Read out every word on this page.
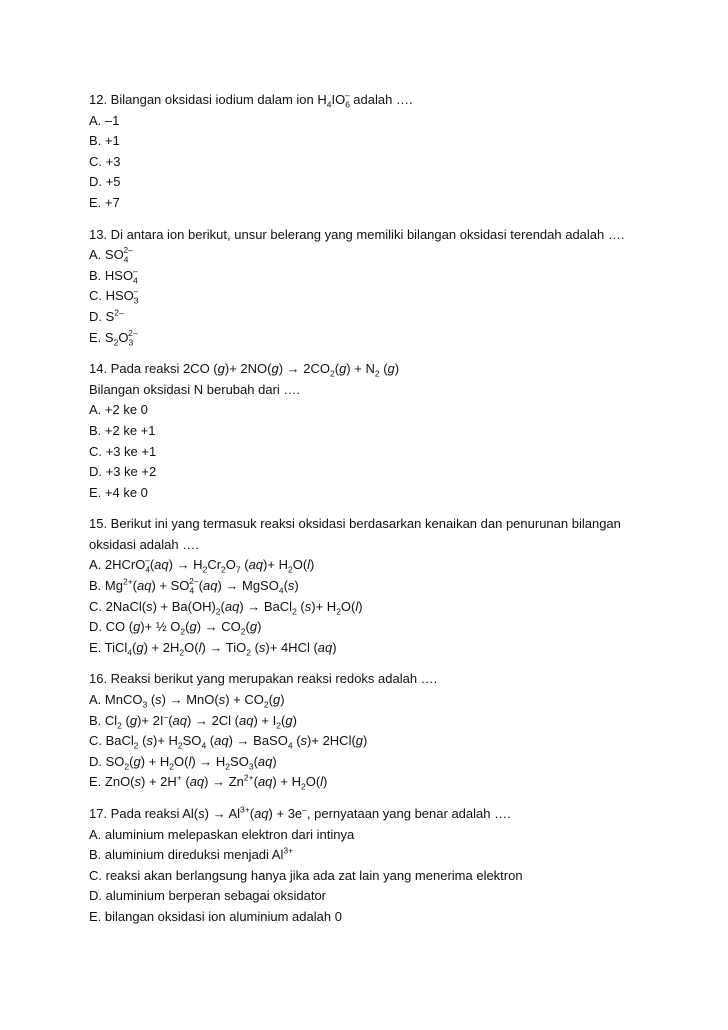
12. Bilangan oksidasi iodium dalam ion $H_4IO_6^-$ adalah ….
A. –1
B. +1
C. +3
D. +5
E. +7
13. Di antara ion berikut, unsur belerang yang memiliki bilangan oksidasi terendah adalah ….
A. $SO_4^{2-}$
B. $HSO_4^-$
C. $HSO_3^-$
D. $S^{2-}$
E. $S_2O_3^{2-}$
14. Pada reaksi 2CO $(g)+ 2NO(g) \to 2CO_2(g) + N_2$ (g)
Bilangan oksidasi N berubah dari ….
A. +2 ke 0
B. +2 ke +1
C. +3 ke +1
D. +3 ke +2
E. +4 ke 0
15. Berikut ini yang termasuk reaksi oksidasi berdasarkan kenaikan dan penurunan bilangan
oksidasi adalah ….
A. 2HCrO$_4$–(aq) → $H_2Cr_2O_7$ $(aq)+ H_2O(l)$
B. $Mg^{2+}(aq) + SO_4^{2-}(aq)$ → MgSO$_4$(s)
C. 2NaCl(s) + $Ba(OH)_2(aq)$ → BaCl$_2$ $(s)+ H_2O(l)$
D. CO (g)+ ½ $O_2(g) \to CO_2(g)$
E. TiCl$_4$(g) + $2H_2O(l) \to TiO_2$ (s)+ 4HCl (aq)
16. Reaksi berikut yang merupakan reaksi redoks adalah ….
A. MnCO$_3$ $(s) \to MnO(s) + CO_2(g)$
B. $Cl_2$ (g)+ 2I–(aq) → 2Cl $(aq) + I_2(g)$
C. BaCl$_2$ $(s)+ H_2SO_4$ (aq) → BaSO$_4$ (s)+ 2HCl(g)
D. $SO_2(g) + H_2O(l) \to H_2SO_3(aq)$
E. ZnO(s) + 2H+ $(aq) \to Zn^{2+}(aq) + H_2O(l)$
17. Pada reaksi $Al(s) \to Al^{3+}(aq) + 3e^-$, pernyataan yang benar adalah ….
A. aluminium melepaskan elektron dari intinya
B. aluminium direduksi menjadi $Al^{3+}$
C. reaksi akan berlangsung hanya jika ada zat lain yang menerima elektron
D. aluminium berperan sebagai oksidator
E. bilangan oksidasi ion aluminium adalah 0
